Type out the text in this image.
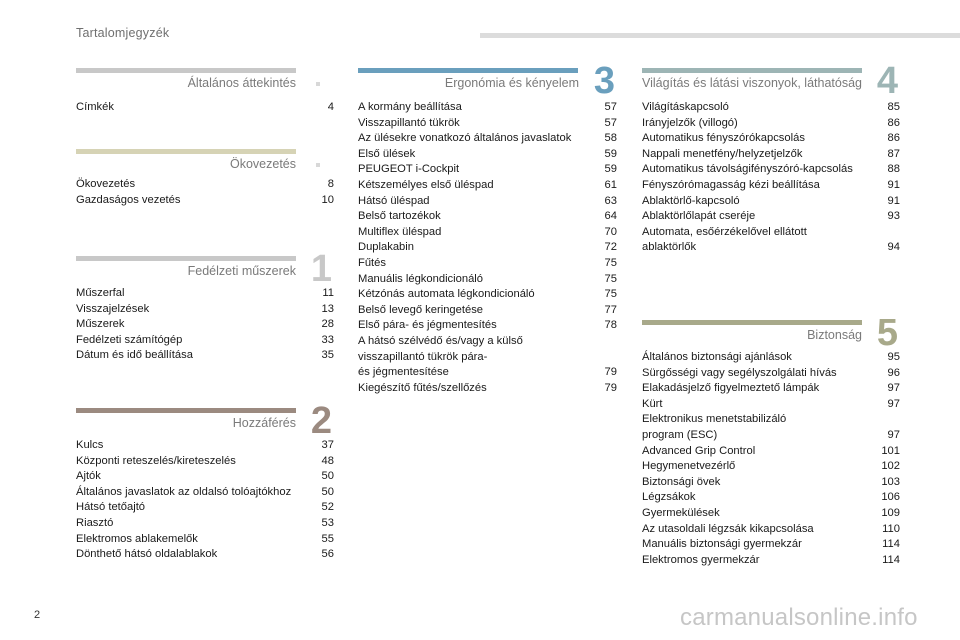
Tartalomjegyzék
Általános áttekintés
Címkék	4
Ökovezetés
Ökovezetés	8
Gazdaságos vezetés	10
Fedélzeti műszerek 1
Műszerfal	11
Visszajelzések	13
Műszerek	28
Fedélzeti számítógép	33
Dátum és idő beállítása	35
Hozzáférés 2
Kulcs	37
Központi reteszelés/kireteszelés	48
Ajtók	50
Általános javaslatok az oldalsó tolóajtókhoz	50
Hátsó tetőajtó	52
Riasztó	53
Elektromos ablakemelők	55
Dönthető hátsó oldalablakok	56
Ergonómia és kényelem 3
A kormány beállítása	57
Visszapillantó tükrök	57
Az ülésekre vonatkozó általános javaslatok	58
Első ülések	59
PEUGEOT i-Cockpit	59
Kétszemélyes első üléspad	61
Hátsó üléspad	63
Belső tartozékok	64
Multiflex üléspad	70
Duplakabin	72
Fűtés	75
Manuális légkondicionáló	75
Kétzónás automata légkondicionáló	75
Belső levegő keringetése	77
Első pára- és jégmentesítés	78
A hátsó szélvédő és/vagy a külső
visszapillantó tükrök pára-
és jégmentesítése	79
Kiegészítő fűtés/szellőzés	79
Világítás és látási viszonyok, láthatóság 4
Világításkapcsoló	85
Irányjelzők (villogó)	86
Automatikus fényszórókapcsolás	86
Nappali menetfény/helyzetjelzők	87
Automatikus távolságifényszóró-kapcsolás	88
Fényszórómagasság kézi beállítása	91
Ablaktörlő-kapcsoló	91
Ablaktörlőlapát cseréje	93
Automata, esőérzékelővel ellátott
ablaktörlők	94
Biztonság 5
Általános biztonsági ajánlások	95
Sürgősségi vagy segélyszolgálati hívás	96
Elakadásjelző figyelmeztető lámpák	97
Kürt	97
Elektronikus menetstabilizáló
program (ESC)	97
Advanced Grip Control	101
Hegymenetvezérlő	102
Biztonsági övek	103
Légzsákok	106
Gyermekülések	109
Az utasoldali légzsák kikapcsolása	110
Manuális biztonsági gyermekzár	114
Elektromos gyermekzár	114
2	carmanualsonline.info
